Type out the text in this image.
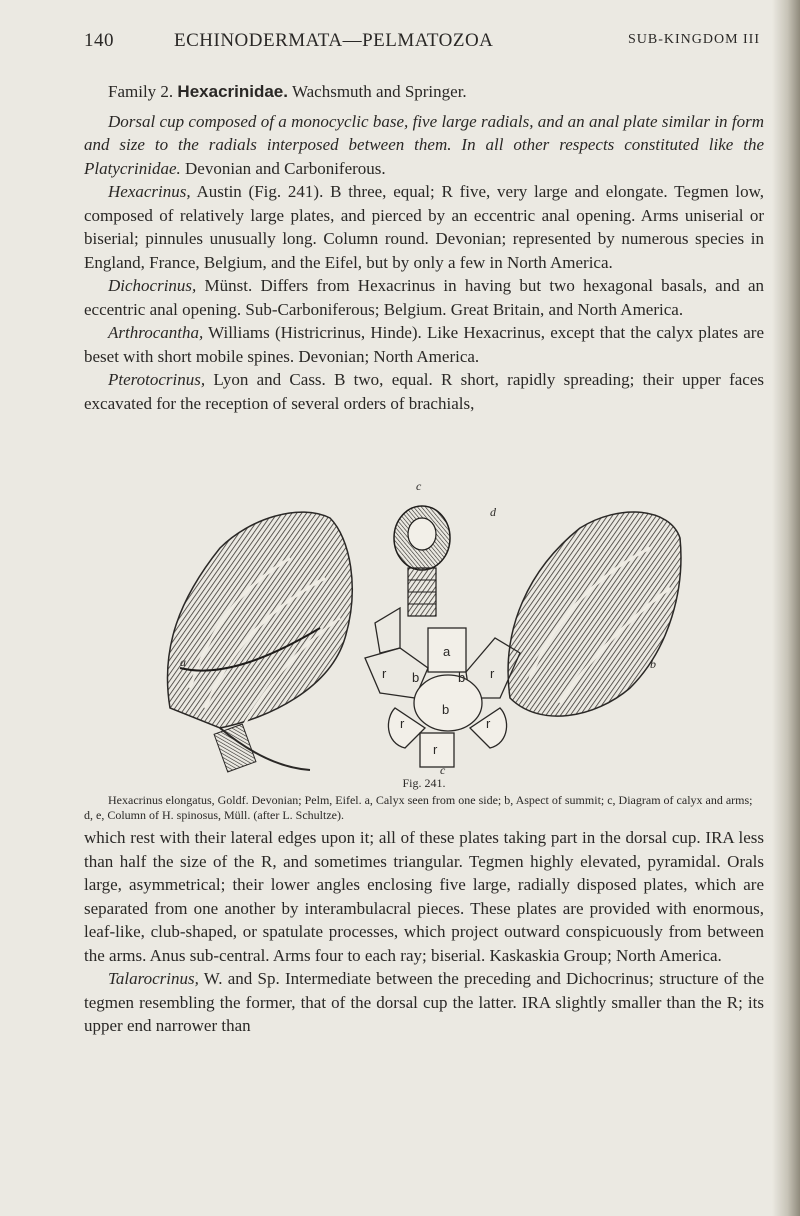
140	ECHINODERMATA—PELMATOZOA	SUB-KINGDOM III

Family 2. Hexacrinidae. Wachsmuth and Springer.

Dorsal cup composed of a monocyclic base, five large radials, and an anal plate similar in form and size to the radials interposed between them. In all other respects constituted like the Platycrinidae. Devonian and Carboniferous.

Hexacrinus, Austin (Fig. 241). B three, equal; R five, very large and elongate. Tegmen low, composed of relatively large plates, and pierced by an eccentric anal opening. Arms uniserial or biserial; pinnules unusually long. Column round. Devonian; represented by numerous species in England, France, Belgium, and the Eifel, but by only a few in North America.

Dichocrinus, Münst. Differs from Hexacrinus in having but two hexagonal basals, and an eccentric anal opening. Sub-Carboniferous; Belgium. Great Britain, and North America.

Arthrocantha, Williams (Histricrinus, Hinde). Like Hexacrinus, except that the calyx plates are beset with short mobile spines. Devonian; North America.

Pterotocrinus, Lyon and Cass. B two, equal. R short, rapidly spreading; their upper faces excavated for the reception of several orders of brachials,

c
d
a	b
c
a
b	b
b
r	r
r	r
r
Fig. 241.
Hexacrinus elongatus, Goldf. Devonian; Pelm, Eifel. a, Calyx seen from one side; b, Aspect of summit; c, Diagram of calyx and arms; d, e, Column of H. spinosus, Müll. (after L. Schultze).

which rest with their lateral edges upon it; all of these plates taking part in the dorsal cup. IRA less than half the size of the R, and sometimes triangular. Tegmen highly elevated, pyramidal. Orals large, asymmetrical; their lower angles enclosing five large, radially disposed plates, which are separated from one another by interambulacral pieces. These plates are provided with enormous, leaf-like, club-shaped, or spatulate processes, which project outward conspicuously from between the arms. Anus sub-central. Arms four to each ray; biserial. Kaskaskia Group; North America.

Talarocrinus, W. and Sp. Intermediate between the preceding and Dichocrinus; structure of the tegmen resembling the former, that of the dorsal cup the latter. IRA slightly smaller than the R; its upper end narrower than
